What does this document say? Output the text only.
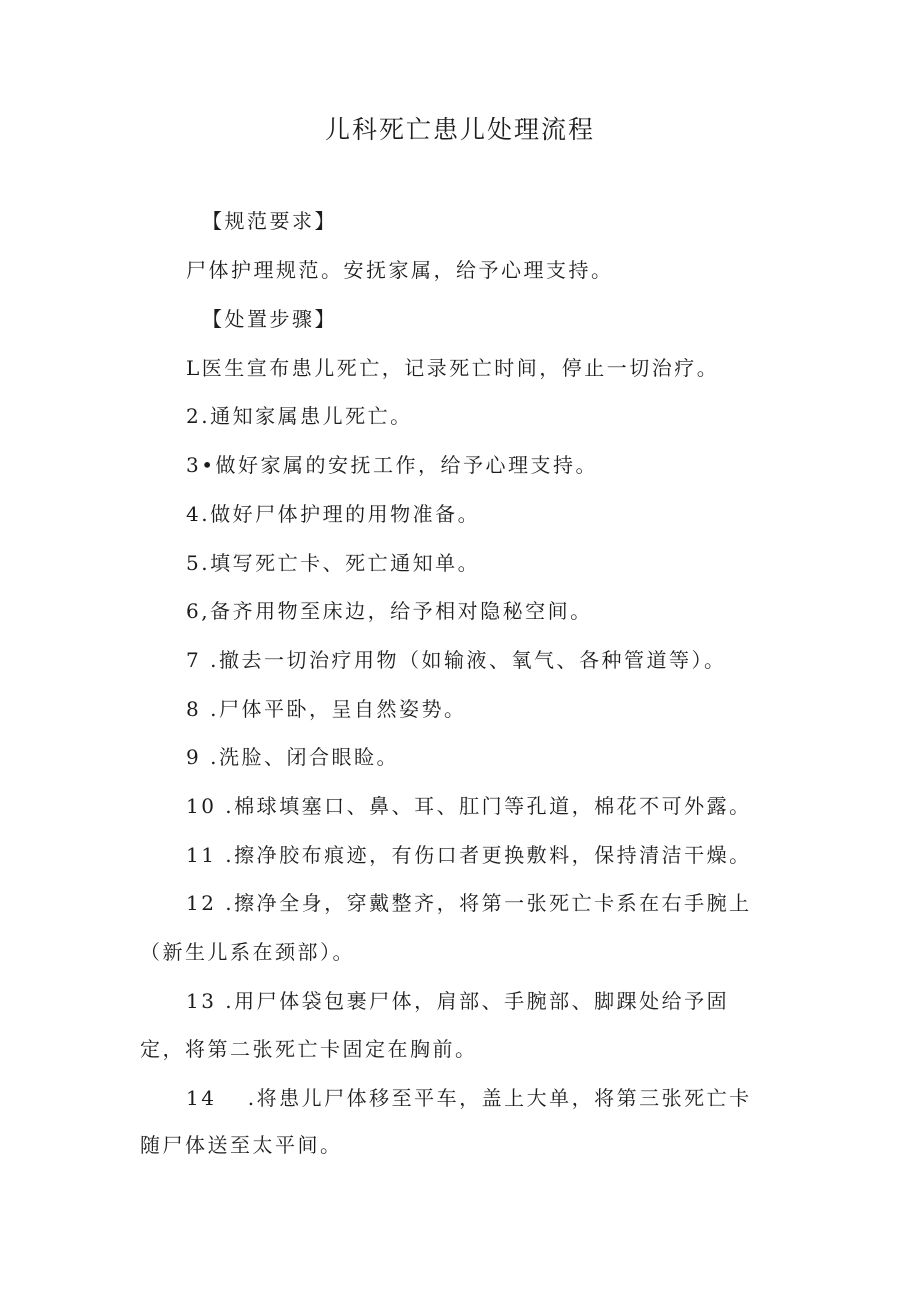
儿科死亡患儿处理流程
【规范要求】
尸体护理规范。安抚家属，给予心理支持。
【处置步骤】
L医生宣布患儿死亡，记录死亡时间，停止一切治疗。
2.通知家属患儿死亡。
3•做好家属的安抚工作，给予心理支持。
4.做好尸体护理的用物准备。
5.填写死亡卡、死亡通知单。
6,备齐用物至床边，给予相对隐秘空间。
7 .撤去一切治疗用物（如输液、氧气、各种管道等）。
8 .尸体平卧，呈自然姿势。
9 .洗脸、闭合眼睑。
10 .棉球填塞口、鼻、耳、肛门等孔道，棉花不可外露。
11 .擦净胶布痕迹，有伤口者更换敷料，保持清洁干燥。
12 .擦净全身，穿戴整齐，将第一张死亡卡系在右手腕上
（新生儿系在颈部）。
13 .用尸体袋包裹尸体，肩部、手腕部、脚踝处给予固
定，将第二张死亡卡固定在胸前。
14　 .将患儿尸体移至平车，盖上大单，将第三张死亡卡
随尸体送至太平间。
